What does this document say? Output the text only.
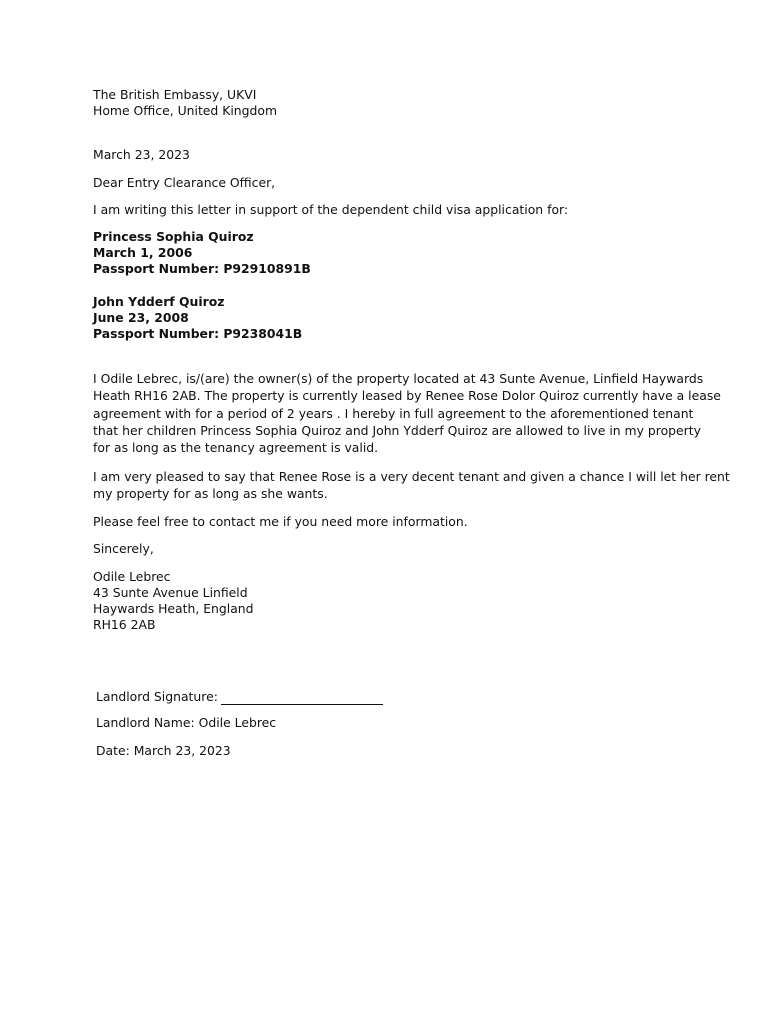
The British Embassy, UKVI
Home Office, United Kingdom
March 23, 2023
Dear Entry Clearance Officer,
I am writing this letter in support of the dependent child visa application for:
Princess Sophia Quiroz
March 1, 2006
Passport Number: P92910891B
John Ydderf Quiroz
June 23, 2008
Passport Number: P9238041B
I Odile Lebrec, is/(are) the owner(s) of the property located at 43 Sunte Avenue, Linfield Haywards
Heath RH16 2AB. The property is currently leased by Renee Rose Dolor Quiroz currently have a lease
agreement with for a period of 2 years . I hereby in full agreement to the aforementioned tenant
that her children Princess Sophia Quiroz and John Ydderf Quiroz are allowed to live in my property
for as long as the tenancy agreement is valid.
I am very pleased to say that Renee Rose is a very decent tenant and given a chance I will let her rent
my property for as long as she wants.
Please feel free to contact me if you need more information.
Sincerely,
Odile Lebrec
43 Sunte Avenue Linfield
Haywards Heath, England
RH16 2AB
Landlord Signature:
Landlord Name: Odile Lebrec
Date: March 23, 2023
